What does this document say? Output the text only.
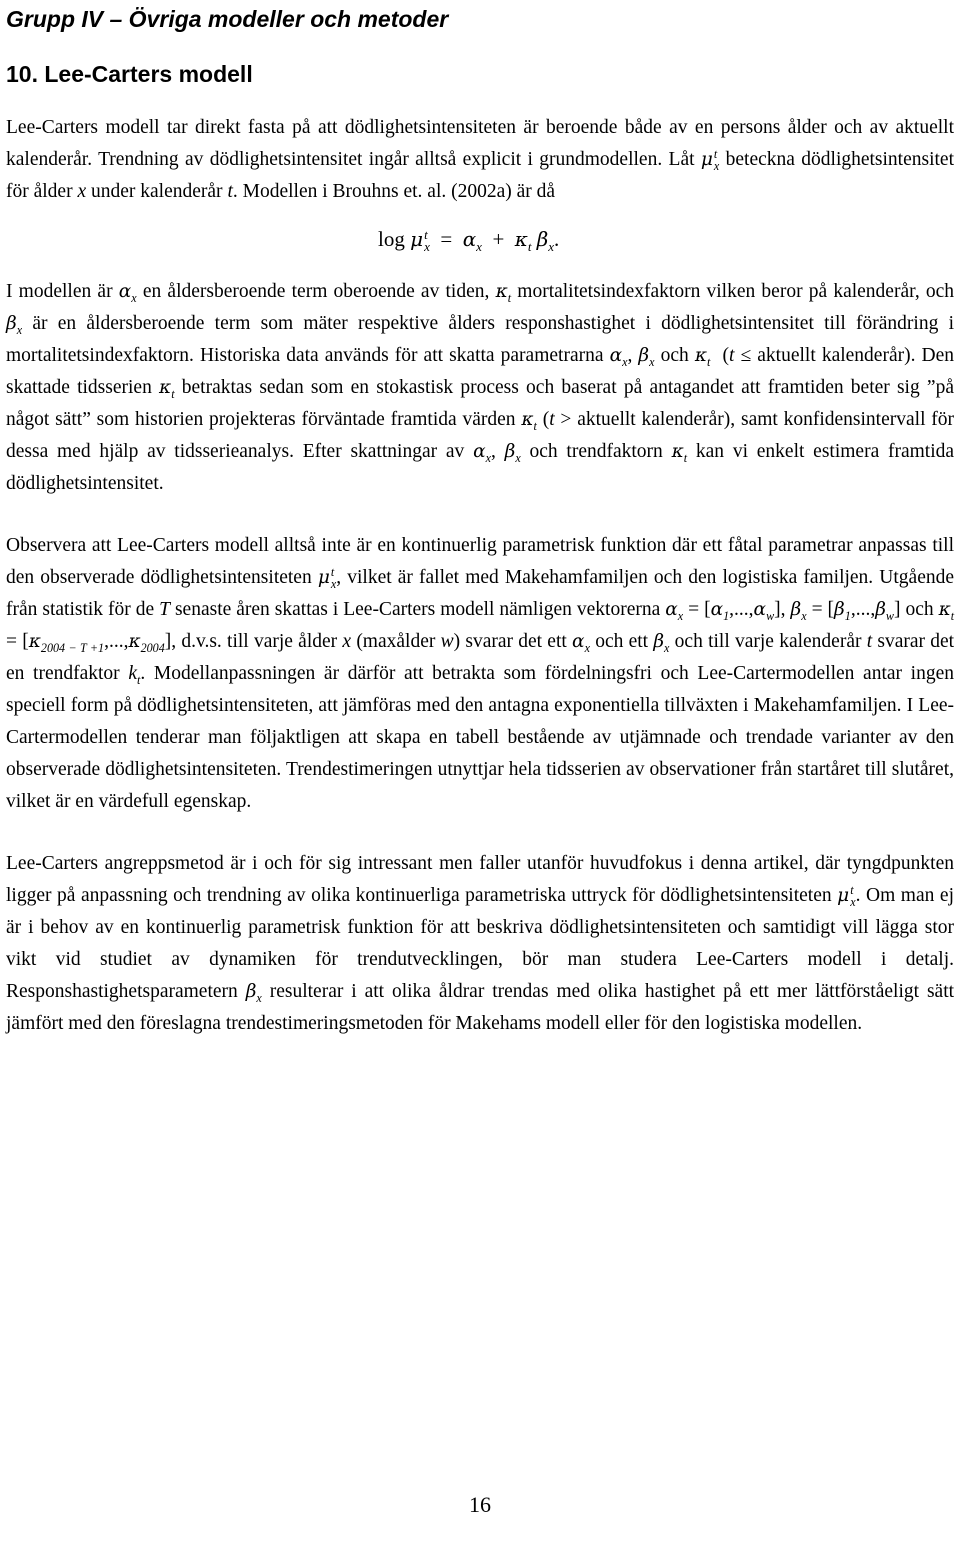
Grupp IV – Övriga modeller och metoder
10. Lee-Carters modell

Lee-Carters modell tar direkt fasta på att dödlighetsintensiteten är beroende både av en persons ålder och av aktuellt kalenderår. Trendning av dödlighetsintensitet ingår alltså explicit i grundmodellen. Låt μ t
x beteckna dödlighetsintensitet för ålder x under kalenderår t. Modellen i Brouhns et. al. (2002a) är då

log μ t
$x = \alpha_x + \kappa_t$ $\beta_x$.

I modellen är $\alpha_x$ en åldersberoende term oberoende av tiden, $\kappa_t$ mortalitetsindexfaktorn vilken beror på kalenderår, och $\beta_x$ är en åldersberoende term som mäter respektive ålders responshastighet i dödlighetsintensitet till förändring i mortalitetsindexfaktorn. Historiska data används för att skatta parametrarna $\alpha_x$, $\beta_x$ och $\kappa_t$ (t ≤ aktuellt kalenderår). Den skattade tidsserien $\kappa_t$ betraktas sedan som en stokastisk process och baserat på antagandet att framtiden beter sig ”på något sätt” som historien projekteras förväntade framtida värden $\kappa_t$ (t > aktuellt kalenderår), samt konfidensintervall för dessa med hjälp av tidsserieanalys. Efter skattningar av $\alpha_x$, $\beta_x$ och trendfaktorn $\kappa_t$ kan vi enkelt estimera framtida dödlighetsintensitet.

Observera att Lee-Carters modell alltså inte är en kontinuerlig parametrisk funktion där ett fåtal parametrar anpassas till den observerade dödlighetsintensiteten μ t
x , vilket är fallet med Makehamfamiljen och den logistiska familjen. Utgående från statistik för de T senaste åren skattas i Lee-Carters modell nämligen vektorerna $\alpha_x = [\alpha_1,...,\alpha_w]$, $\beta_x = [\beta_1,...,\beta_w]$ och $\kappa_t = [\kappa_{2004 - T +1},...,\kappa_{2004}]$, d.v.s. till varje ålder x (maxålder w) svarar det ett $\alpha_x$ och ett $\beta_x$ och till varje kalenderår t svarar det en trendfaktor $k_t$. Modellanpassningen är därför att betrakta som fördelningsfri och Lee-Cartermodellen antar ingen speciell form på dödlighetsintensiteten, att jämföras med den antagna exponentiella tillväxten i Makehamfamiljen. I Lee-Cartermodellen tenderar man följaktligen att skapa en tabell bestående av utjämnade och trendade varianter av den observerade dödlighetsintensiteten. Trendestimeringen utnyttjar hela tidsserien av observationer från startåret till slutåret, vilket är en värdefull egenskap.

Lee-Carters angreppsmetod är i och för sig intressant men faller utanför huvudfokus i denna artikel, där tyngdpunkten ligger på anpassning och trendning av olika kontinuerliga parametriska uttryck för dödlighetsintensiteten μ t
x . Om man ej är i behov av en kontinuerlig parametrisk funktion för att beskriva dödlighetsintensiteten och samtidigt vill lägga stor vikt vid studiet av dynamiken för trendutvecklingen, bör man studera Lee-Carters modell i detalj. Responshastighetsparametern $\beta_x$ resulterar i att olika åldrar trendas med olika hastighet på ett mer lättförståeligt sätt jämfört med den föreslagna trendestimeringsmetoden för Makehams modell eller för den logistiska modellen.

16
